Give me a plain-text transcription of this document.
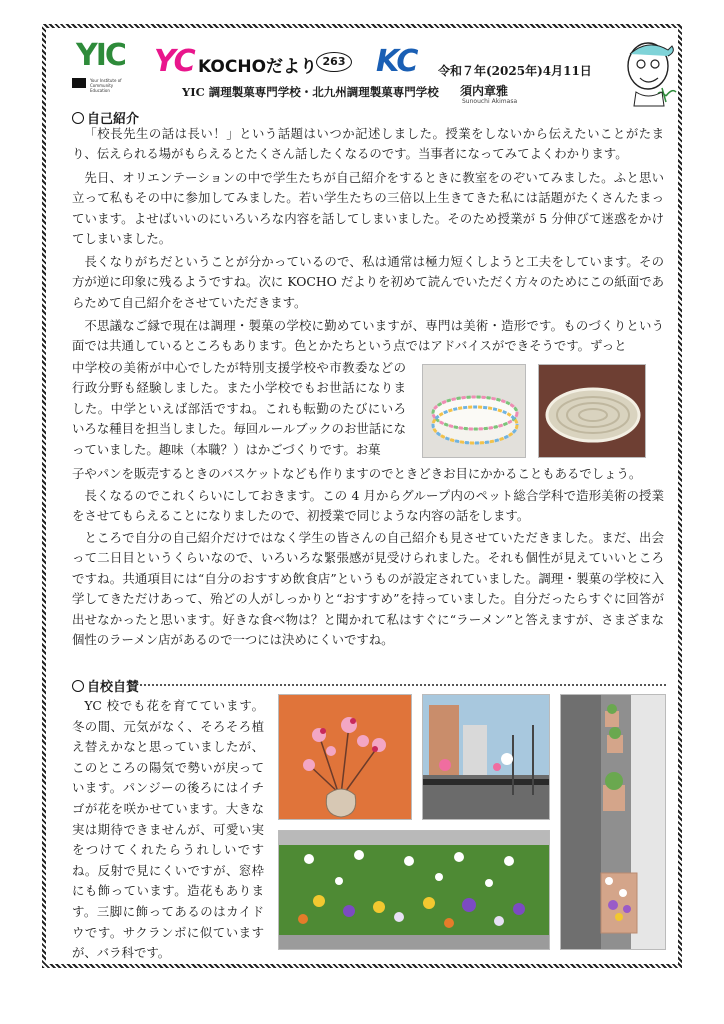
YIC
Your Institute of Community Education
YC KOCHOだより 263 KC 令和７年(2025年)4月11日
YIC 調理製菓専門学校・北九州調理製菓専門学校 須内章雅
Sunouchi Akimasa
自己紹介

「校長先生の話は長い！」という話題はいつか記述しました。授業をしないから伝えたいことがたまり、伝えられる場がもらえるとたくさん話したくなるのです。当事者になってみてよくわかります。

先日、オリエンテーションの中で学生たちが自己紹介をするときに教室をのぞいてみました。ふと思い立って私もその中に参加してみました。若い学生たちの三倍以上生きてきた私には話題がたくさんたまっています。よせばいいのにいろいろな内容を話してしまいました。そのため授業が 5 分伸びて迷惑をかけてしまいました。

長くなりがちだということが分かっているので、私は通常は極力短くしようと工夫をしています。その方が逆に印象に残るようですね。次に KOCHO だよりを初めて読んでいただく方々のためにこの紙面であらためて自己紹介をさせていただきます。

不思議なご縁で現在は調理・製菓の学校に勤めていますが、専門は美術・造形です。ものづくりという面では共通しているところもあります。色とかたちという点ではアドバイスができそうです。ずっと

中学校の美術が中心でしたが特別支援学校や市教委などの行政分野も経験しました。また小学校でもお世話になりました。中学といえば部活ですね。これも転勤のたびにいろいろな種目を担当しました。毎回ルールブックのお世話になっていました。趣味（本職？）はかごづくりです。お菓

子やパンを販売するときのバスケットなども作りますのでときどきお目にかかることもあるでしょう。

長くなるのでこれくらいにしておきます。この 4 月からグループ内のペット総合学科で造形美術の授業をさせてもらえることになりましたので、初授業で同じような内容の話をします。

ところで自分の自己紹介だけではなく学生の皆さんの自己紹介も見させていただきました。まだ、出会って二日目というくらいなので、いろいろな緊張感が見受けられました。それも個性が見えていいところですね。共通項目には“自分のおすすめ飲食店”というものが設定されていました。調理・製菓の学校に入学してきただけあって、殆どの人がしっかりと“おすすめ”を持っていました。自分だったらすぐに回答が出せなかったと思います。好きな食べ物は？と聞かれて私はすぐに“ラーメン”と答えますが、さまざまな個性のラーメン店があるので一つには決めにくいですね。

自校自賛

YC 校でも花を育てています。冬の間、元気がなく、そろそろ植え替えかなと思っていましたが、このところの陽気で勢いが戻っています。パンジーの後ろにはイチゴが花を咲かせています。大きな実は期待できませんが、可愛い実をつけてくれたらうれしいですね。反射で見にくいですが、窓枠にも飾っています。造花もあります。三脚に飾ってあるのはカイドウです。サクランボに似ていますが、バラ科です。
